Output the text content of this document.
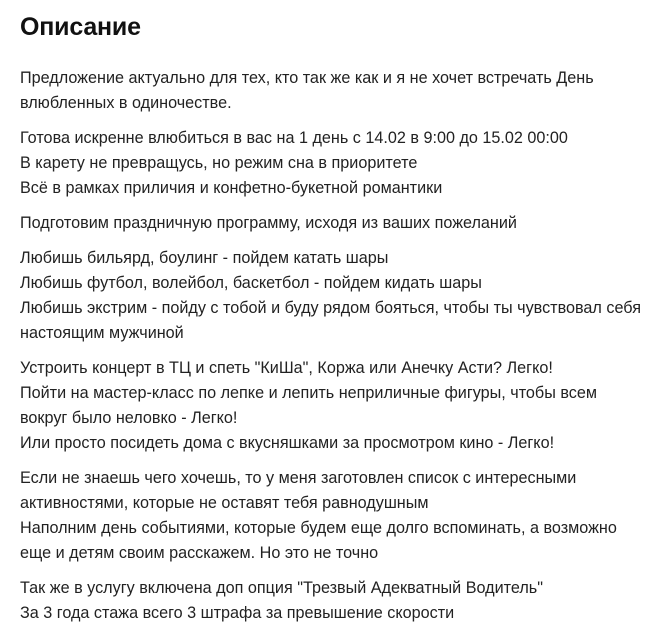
Описание

Предложение актуально для тех, кто так же как и я не хочет встречать День
влюбленных в одиночестве.

Готова искренне влюбиться в вас на 1 день с 14.02 в 9:00 до 15.02 00:00
В карету не превращусь, но режим сна в приоритете
Всё в рамках приличия и конфетно-букетной романтики

Подготовим праздничную программу, исходя из ваших пожеланий

Любишь бильярд, боулинг - пойдем катать шары
Любишь футбол, волейбол, баскетбол - пойдем кидать шары
Любишь экстрим - пойду с тобой и буду рядом бояться, чтобы ты чувствовал себя
настоящим мужчиной

Устроить концерт в ТЦ и спеть "КиШа", Коржа или Анечку Асти? Легко!
Пойти на мастер-класс по лепке и лепить неприличные фигуры, чтобы всем
вокруг было неловко - Легко!
Или просто посидеть дома с вкусняшками за просмотром кино - Легко!

Если не знаешь чего хочешь, то у меня заготовлен список с интересными
активностями, которые не оставят тебя равнодушным
Наполним день событиями, которые будем еще долго вспоминать, а возможно
еще и детям своим расскажем. Но это не точно

Так же в услугу включена доп опция "Трезвый Адекватный Водитель"
За 3 года стажа всего 3 штрафа за превышение скорости
